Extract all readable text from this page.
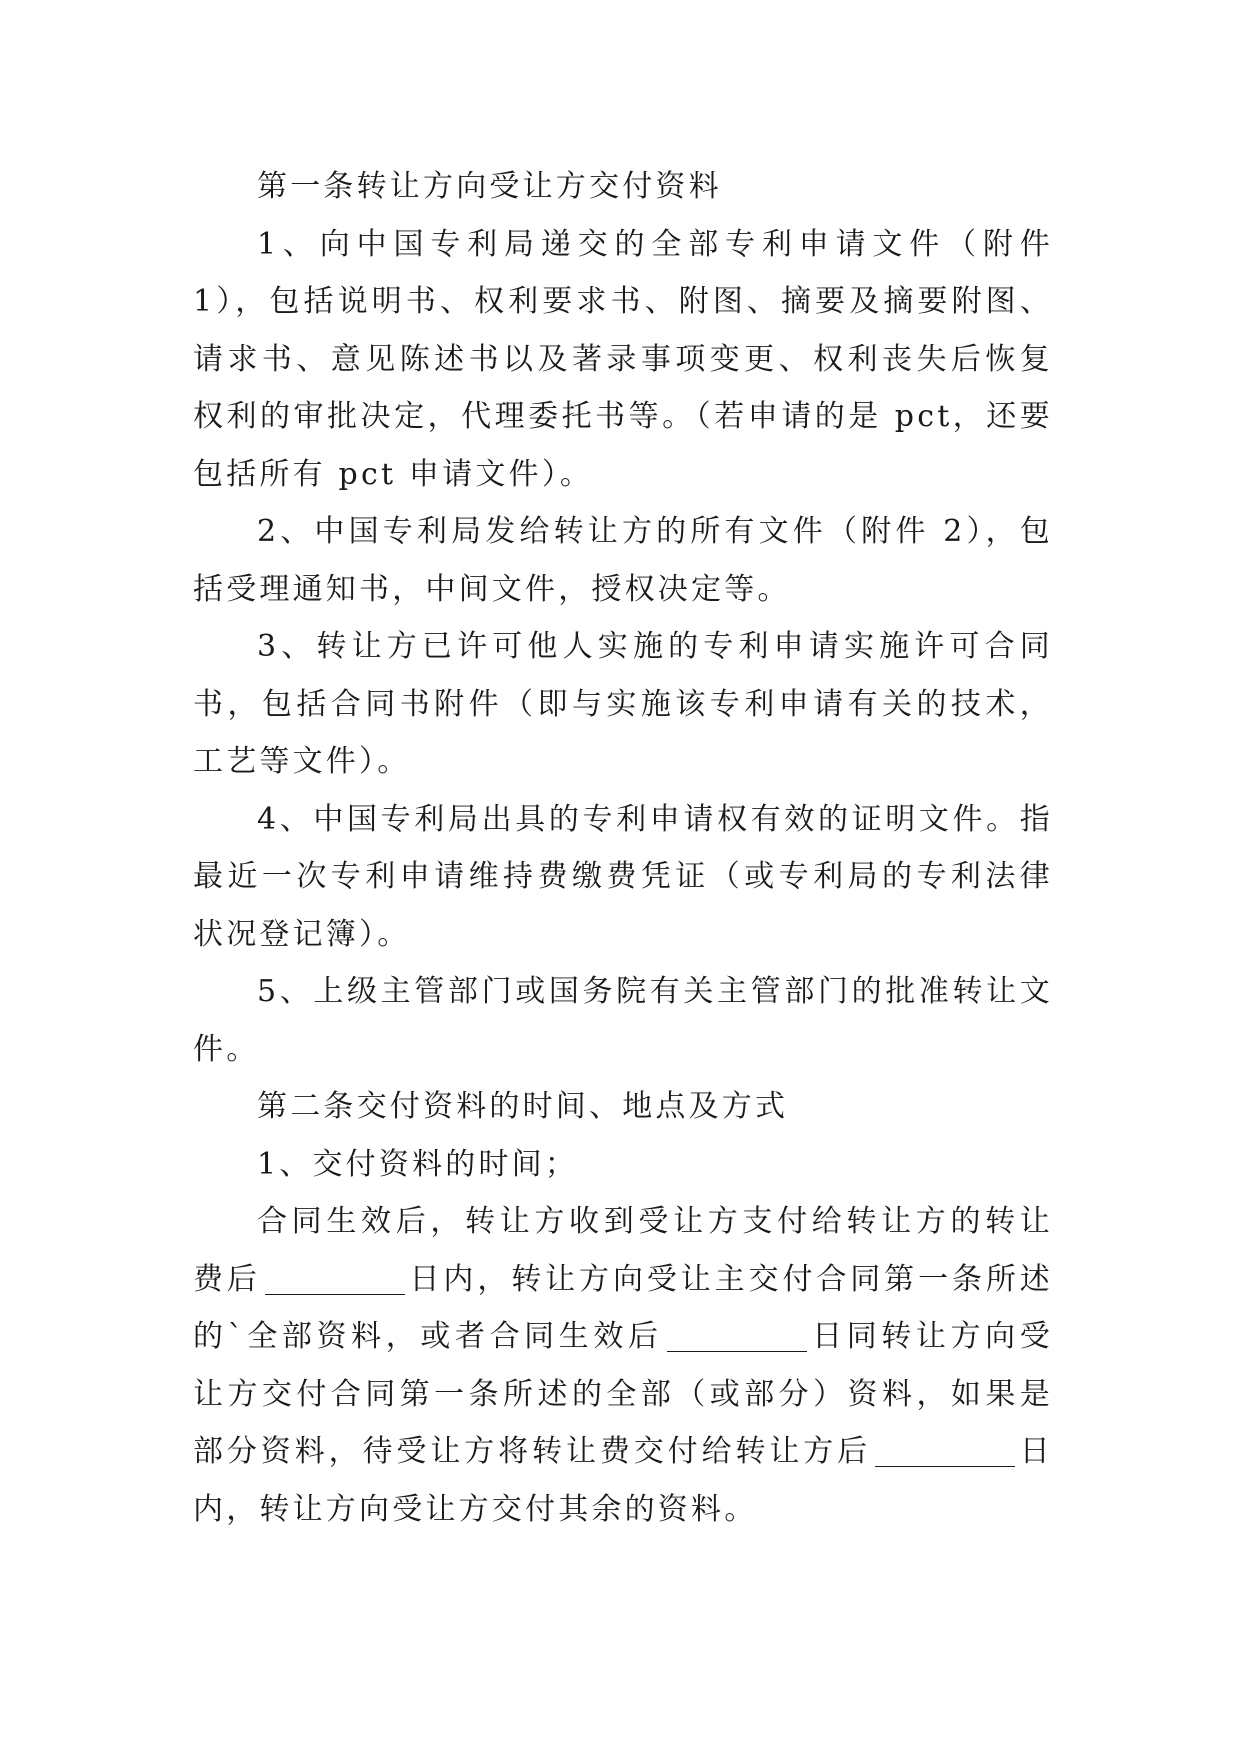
第一条转让方向受让方交付资料

1、向中国专利局递交的全部专利申请文件（附件 1），包括说明书、权利要求书、附图、摘要及摘要附图、请求书、意见陈述书以及著录事项变更、权利丧失后恢复权利的审批决定，代理委托书等。（若申请的是 pct，还要包括所有 pct 申请文件）。

2、中国专利局发给转让方的所有文件（附件 2），包括受理通知书，中间文件，授权决定等。

3、转让方已许可他人实施的专利申请实施许可合同书，包括合同书附件（即与实施该专利申请有关的技术，工艺等文件）。

4、中国专利局出具的专利申请权有效的证明文件。指最近一次专利申请维持费缴费凭证（或专利局的专利法律状况登记簿）。

5、上级主管部门或国务院有关主管部门的批准转让文件。

第二条交付资料的时间、地点及方式

1、交付资料的时间；

合同生效后，转让方收到受让方支付给转让方的转让费后	日内，转让方向受让主交付合同第一条所述的`全部资料，或者合同生效后	日同转让方向受让方交付合同第一条所述的全部（或部分）资料，如果是部分资料，待受让方将转让费交付给转让方后	日内，转让方向受让方交付其余的资料。
